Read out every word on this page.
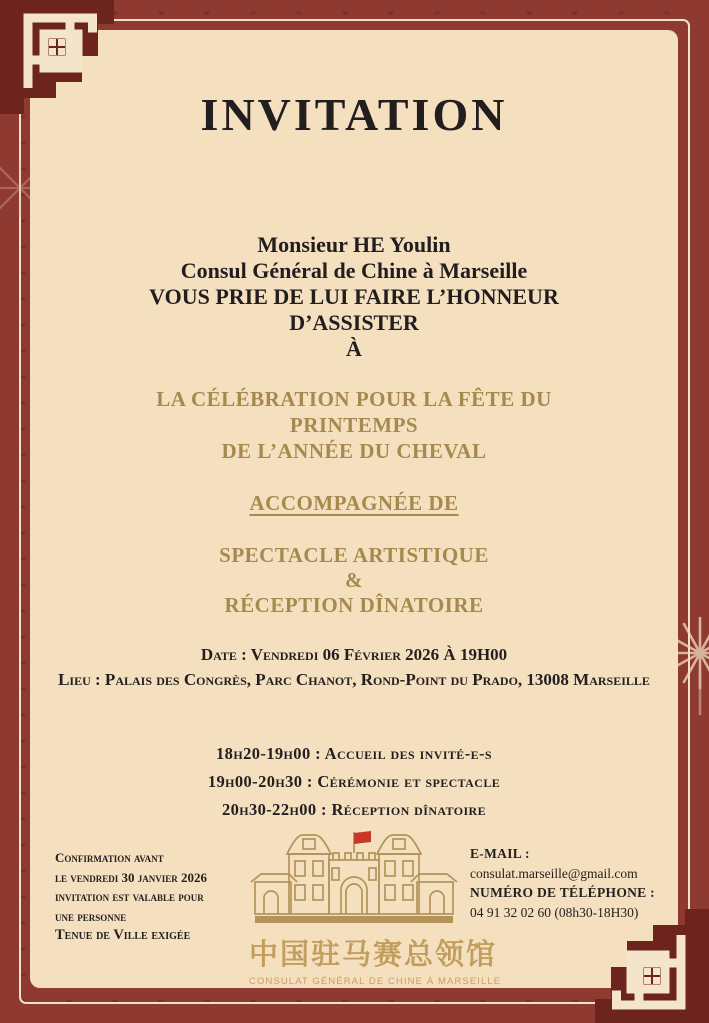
INVITATION
Monsieur HE Youlin
Consul Général de Chine à Marseille
VOUS PRIE DE LUI FAIRE L’HONNEUR
D’ASSISTER
À
LA CÉLÉBRATION POUR LA FÊTE DU
PRINTEMPS
DE L’ANNÉE DU CHEVAL
ACCOMPAGNÉE DE
SPECTACLE ARTISTIQUE
&
RÉCEPTION DÎNATOIRE
Date : Vendredi 06 Février 2026 À 19H00
Lieu : Palais des Congrès, Parc Chanot, Rond-Point du Prado, 13008 Marseille
18h20-19h00 : Accueil des invité-e-s
19h00-20h30 : Cérémonie et spectacle
20h30-22h00 : Réception dînatoire
Confirmation avant
le vendredi 30 janvier 2026
invitation est valable pour
une personne
Tenue de Ville exigée
中国驻马赛总领馆
CONSULAT GÉNÉRAL DE CHINE À MARSEILLE
E-MAIL :
consulat.marseille@gmail.com
NUMÉRO DE TÉLÉPHONE :
04 91 32 02 60 (08h30-18H30)
